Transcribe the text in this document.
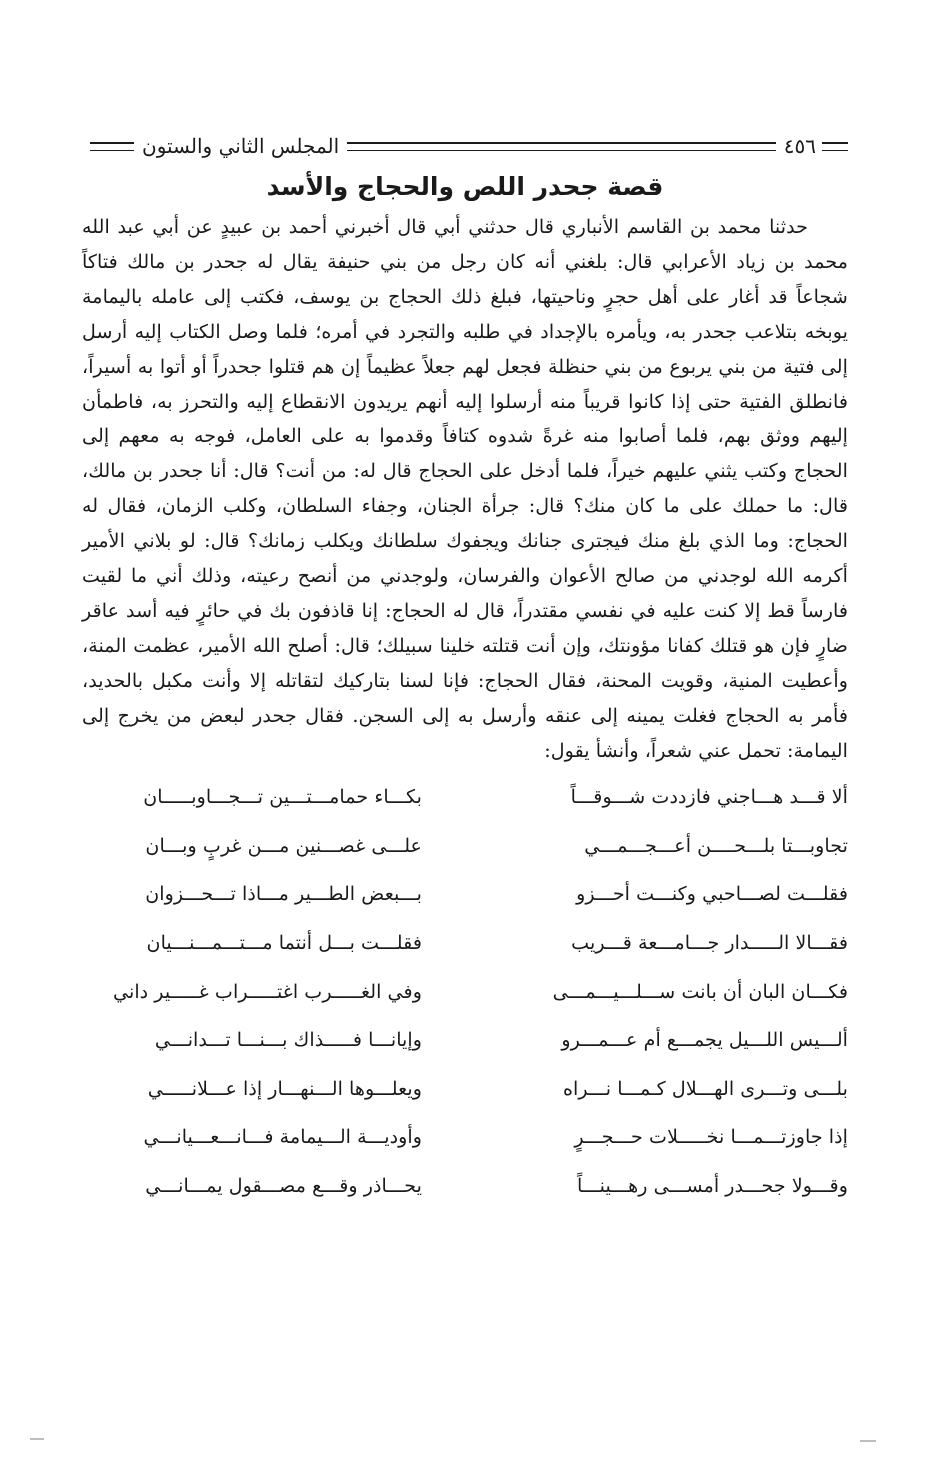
٤٥٦
المجلس الثاني والستون
قصة جحدر اللص والحجاج والأسد

حدثنا محمد بن القاسم الأنباري قال حدثني أبي قال أخبرني أحمد بن عبيدٍ عن أبي عبد الله محمد بن زياد الأعرابي قال: بلغني أنه كان رجل من بني حنيفة يقال له جحدر بن مالك فتاكاً شجاعاً قد أغار على أهل حجرٍ وناحيتها، فبلغ ذلك الحجاج بن يوسف، فكتب إلى عامله باليمامة يوبخه بتلاعب جحدر به، ويأمره بالإجداد في طلبه والتجرد في أمره؛ فلما وصل الكتاب إليه أرسل إلى فتية من بني يربوع من بني حنظلة فجعل لهم جعلاً عظيماً إن هم قتلوا جحدراً أو أتوا به أسيراً، فانطلق الفتية حتى إذا كانوا قريباً منه أرسلوا إليه أنهم يريدون الانقطاع إليه والتحرز به، فاطمأن إليهم ووثق بهم، فلما أصابوا منه غرةً شدوه كتافاً وقدموا به على العامل، فوجه به معهم إلى الحجاج وكتب يثني عليهم خيراً، فلما أدخل على الحجاج قال له: من أنت؟ قال: أنا جحدر بن مالك، قال: ما حملك على ما كان منك؟ قال: جرأة الجنان، وجفاء السلطان، وكلب الزمان، فقال له الحجاج: وما الذي بلغ منك فيجترى جنانك ويجفوك سلطانك ويكلب زمانك؟ قال: لو بلاني الأمير أكرمه الله لوجدني من صالح الأعوان والفرسان، ولوجدني من أنصح رعيته، وذلك أني ما لقيت فارساً قط إلا كنت عليه في نفسي مقتدراً، قال له الحجاج: إنا قاذفون بك في حائرٍ فيه أسد عاقر ضارٍ فإن هو قتلك كفانا مؤونتك، وإن أنت قتلته خلينا سبيلك؛ قال: أصلح الله الأمير، عظمت المنة، وأعطيت المنية، وقويت المحنة، فقال الحجاج: فإنا لسنا بتاركيك لتقاتله إلا وأنت مكبل بالحديد، فأمر به الحجاج فغلت يمينه إلى عنقه وأرسل به إلى السجن. فقال جحدر لبعض من يخرج إلى اليمامة: تحمل عني شعراً، وأنشأ يقول:

ألا قـــد هـــاجني فازددت شـــوقـــاً		بكـــاء حمامـــتـــين تـــجـــاوبـــــان
تجاوبـــتا بلـــحــــن أعـــجـــمـــي		علـــى غصـــنين مـــن غربٍ وبـــان
فقلـــت لصـــاحبي وكنـــت أحـــزو		بـــبعض الطـــير مـــاذا تـــحـــزوان
فقـــالا الـــــدار جـــامـــعة قـــريب		فقلـــت بـــل أنتما مـــتـــمـــنـــيان
فكـــان البان أن بانت ســـلـــيـــمـــى		وفي الغـــــرب اغتـــــراب غـــــير داني
ألـــيس اللـــيل يجمـــع أم عـــمـــرو		وإيانـــا فـــــذاك بـــنـــا تـــدانـــي
بلـــى وتـــرى الهـــلال كـمـــا نـــراه		ويعلـــوها الـــنهـــار إذا عـــلانـــــي
إذا جاوزتـــمـــا نخـــــلات حـــجـــرٍ		وأوديـــة الـــيمامة فـــانـــعـــيانـــي
وقـــولا جحـــدر أمســـى رهـــينـــاً		يحـــاذر وقـــع مصـــقول يمـــانـــي
